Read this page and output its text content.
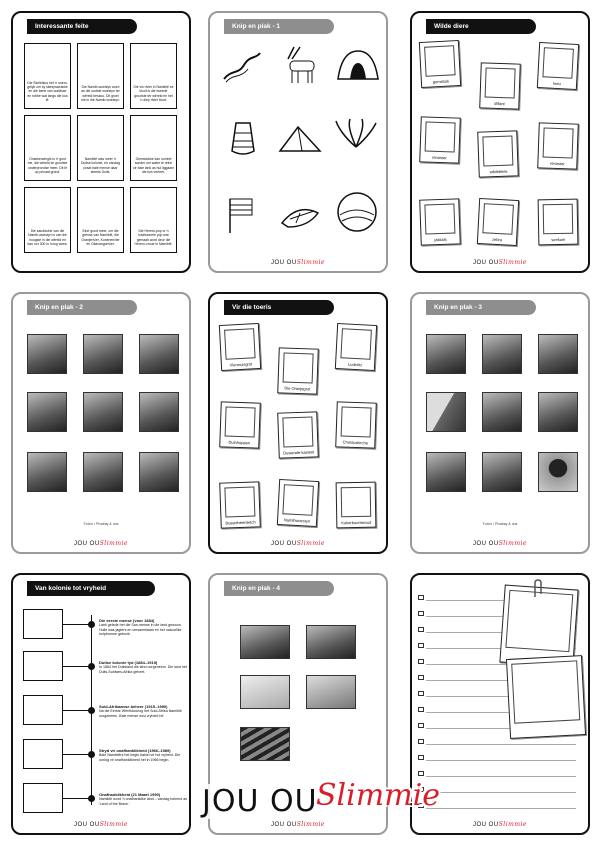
Interessante feite

Die Skeletkus het 'n noem- gelyk om sy skeepswrakke en die bene van walvisse en robbe wat langs die kus lê.

Die Namib-woestyn word as die oudste woestyn ter wêreld beskou. Dit groei nie in die Namib-woestyn.

Die vis rivier in Namibië se kloof is die tweede grootste ter wêreld en het 'n diep rivier kloof.

Onsekerwingis is 'n gunt me, die wêreld se grootste onderprondse meer. Dit lê op privaat grond.

Namibië was meer 'n Duitse kolonie, en vandag praat baie mense daar steeds Duits.

Gemsbokke kan oorleef sonder om water te drink vir baie lank as hul liggaam die kos verteer.

Die sandduine van die Namib-woestyn is van die hoogste in die wêreld en kan oor 300 m hoog wees.

Eine groot meer, om die grense van Namibië, die Oranjerivier, Kunenerivier en Okavangorivier.

Die Herero-pop is 'n tradisionele pop wat gemaak word deur die Herero-vroue in Namibië.

Knip en plak - 1
JOU OUSlimmie
Wilde diere
gemsbok
olifant
leeu
renoster
wildebees
renoster
jakkals	zebra	seekoei
JOU OUSlimmie
Knip en plak - 2
Foto's / Pixabay & ons
JOU OUSlimmie
Vir die toeris
Vlermuisgrot
Die Oranjegrot
Luderitz
Duinhoppen
Duwende-kasteel
Christuskirche
Bussieheerskitch	Namibwoestyn	Kokerboomwoud
JOU OUSlimmie
Knip en plak - 3
Foto's / Pixabay & ons
JOU OUSlimmie
Van kolonie tot vryheid
Die eerste mense (voor 1884)
Lank gelede het die San-mense in die land gewoon. Hulle was jagters en versamelaars en het natuurlike hulpbronne gebruik.
Duitse kolonie tyd (1884–1915)
In 1884 het Duitsland die land oorgeneem. Die land het Duits-Suidwes-Afrika geheet.
Suid-Afrikaanse beheer (1915–1990)
Ná die Eerste Wêreldoorlog het Suid-Afrika Namibië oorgeneem. Baie mense wou vryheid hê.
Stryd vir onafhanklikheid (1966–1989)
Baie Namibiërs het begin baklei vir hul vryheid. Die oorlog vir onafhanklikheid het in 1966 begin.
Onafhanklikheid (21 Maart 1990)
Namibië word 'n onafhanklike land – vandag bekend as 'Land of the Brave.'
JOU OUSlimmie
Knip en plak - 4
JOU OUSlimmie	JOU OUSlimmie
JOU OU
Slimmie
